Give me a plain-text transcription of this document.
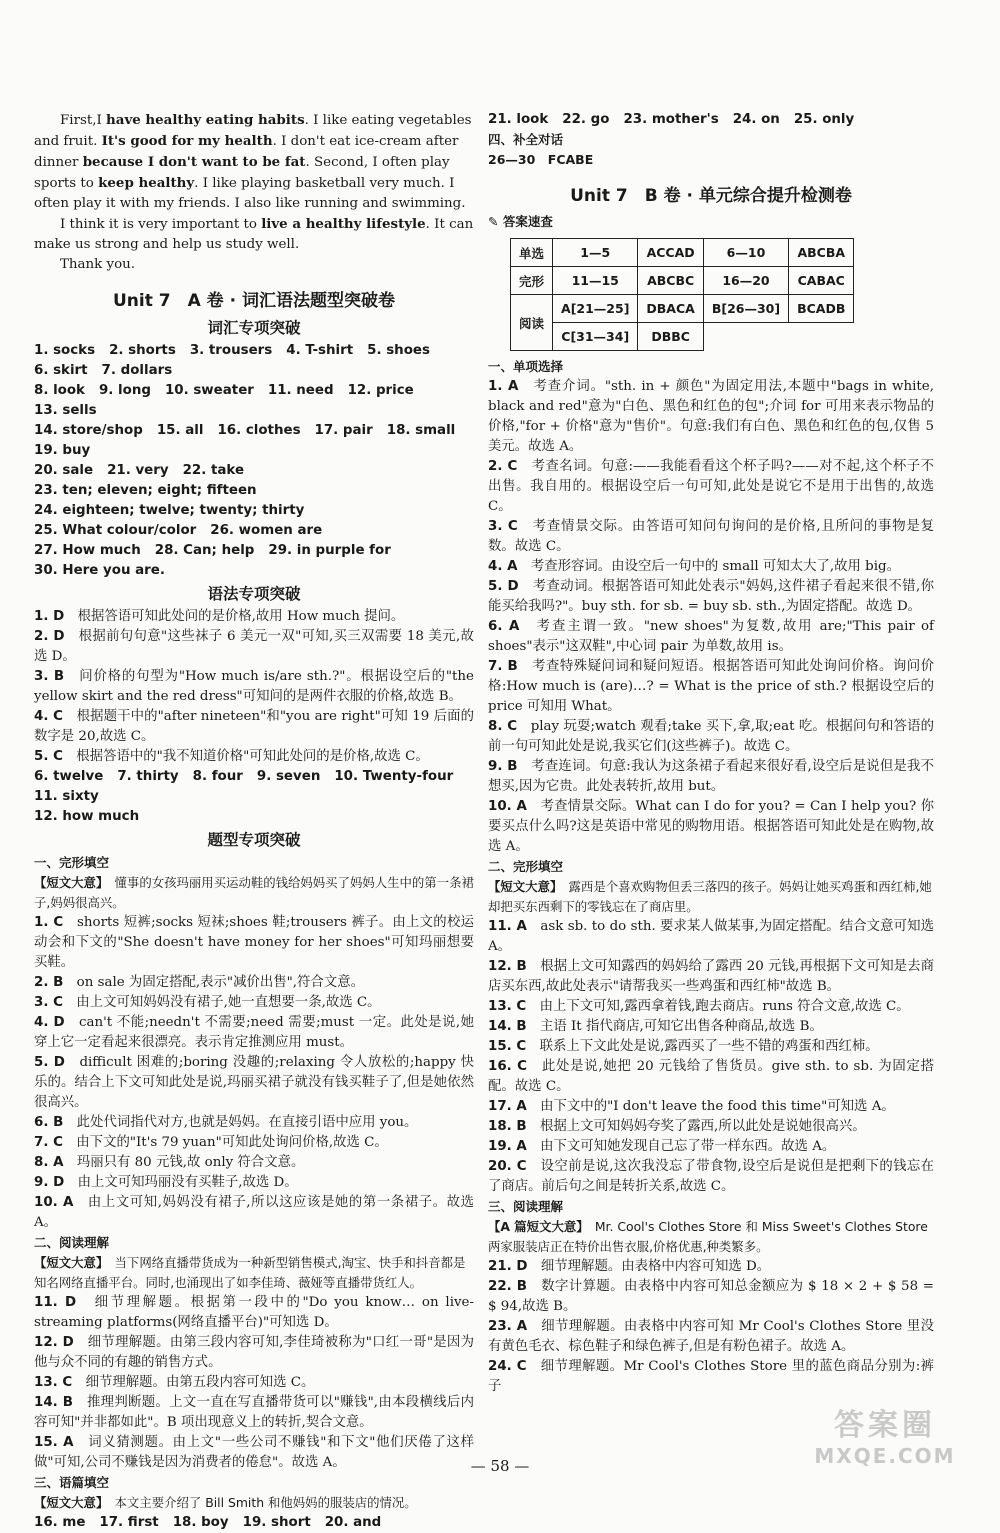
First,I have healthy eating habits. I like eating vegetables and fruit. It's good for my health. I don't eat ice-cream after dinner because I don't want to be fat. Second, I often play sports to keep healthy. I like playing basketball very much. I often play it with my friends. I also like running and swimming.

I think it is very important to live a healthy lifestyle. It can make us strong and help us study well.

Thank you.

Unit 7　A 卷 · 词汇语法题型突破卷
词汇专项突破
1. socks 2. shorts 3. trousers 4. T-shirt 5. shoes
6. skirt 7. dollars
8. look 9. long 10. sweater 11. need 12. price
13. sells
14. store/shop 15. all 16. clothes 17. pair 18. small
19. buy
20. sale 21. very 22. take
23. ten; eleven; eight; fifteen
24. eighteen; twelve; twenty; thirty
25. What colour/color 26. women are
27. How much 28. Can; help 29. in purple for
30. Here you are.
语法专项突破
1. D　根据答语可知此处问的是价格,故用 How much 提问。
2. D　根据前句句意"这些袜子 6 美元一双"可知,买三双需要 18 美元,故选 D。
3. B　问价格的句型为"How much is/are sth.?"。根据设空后的"the yellow skirt and the red dress"可知问的是两件衣服的价格,故选 B。
4. C　根据题干中的"after nineteen"和"you are right"可知 19 后面的数字是 20,故选 C。
5. C　根据答语中的"我不知道价格"可知此处问的是价格,故选 C。
6. twelve 7. thirty 8. four 9. seven 10. Twenty-four
11. sixty
12. how much
题型专项突破
一、完形填空
【短文大意】　 懂事的女孩玛丽用买运动鞋的钱给妈妈买了妈妈人生中的第一条裙子,妈妈很高兴。
1. C　shorts 短裤;socks 短袜;shoes 鞋;trousers 裤子。由上文的校运动会和下文的"She doesn't have money for her shoes"可知玛丽想要买鞋。
2. B　on sale 为固定搭配,表示"减价出售",符合文意。
3. C　由上文可知妈妈没有裙子,她一直想要一条,故选 C。
4. D　can't 不能;needn't 不需要;need 需要;must 一定。此处是说,她穿上它一定看起来很漂亮。表示肯定推测应用 must。
5. D　difficult 困难的;boring 没趣的;relaxing 令人放松的;happy 快乐的。结合上下文可知此处是说,玛丽买裙子就没有钱买鞋子了,但是她依然很高兴。
6. B　此处代词指代对方,也就是妈妈。在直接引语中应用 you。
7. C　由下文的"It's 79 yuan"可知此处询问价格,故选 C。
8. A　玛丽只有 80 元钱,故 only 符合文意。
9. D　由上文可知玛丽没有买鞋子,故选 D。
10. A　由上文可知,妈妈没有裙子,所以这应该是她的第一条裙子。故选 A。
二、阅读理解
【短文大意】　 当下网络直播带货成为一种新型销售模式,淘宝、快手和抖音都是知名网络直播平台。同时,也涌现出了如李佳琦、薇娅等直播带货红人。
11. D　细节理解题。根据第一段中的"Do you know… on live-streaming platforms(网络直播平台)"可知选 D。
12. D　细节理解题。由第三段内容可知,李佳琦被称为"口红一哥"是因为他与众不同的有趣的销售方式。
13. C　细节理解题。由第五段内容可知选 C。
14. B　推理判断题。上文一直在写直播带货可以"赚钱",由本段横线后内容可知"并非都如此"。B 项出现意义上的转折,契合文意。
15. A　词义猜测题。由上文"一些公司不赚钱"和下文"他们厌倦了这样做"可知,公司不赚钱是因为消费者的倦怠"。故选 A。
三、语篇填空
【短文大意】　 本文主要介绍了 Bill Smith 和他妈妈的服装店的情况。
16. me 17. first 18. boy 19. short 20. and
21. look 22. go 23. mother's 24. on 25. only
四、补全对话
26—30　FCABE
Unit 7　B 卷 · 单元综合提升检测卷
✎ 答案速查
单选	1—5	ACCAD	6—10	ABCBA
完形	11—15	ABCBC	16—20	CABAC
阅读	A[21—25]	DBACA	B[26—30]	BCADB
	C[31—34]	DBBC		
一、单项选择
1. A　考查介词。"sth. in + 颜色"为固定用法,本题中"bags in white, black and red"意为"白色、黑色和红色的包";介词 for 可用来表示物品的价格,"for + 价格"意为"售价"。句意:我们有白色、黑色和红色的包,仅售 5 美元。故选 A。
2. C　考查名词。句意:——我能看看这个杯子吗?——对不起,这个杯子不出售。我自用的。根据设空后一句可知,此处是说它不是用于出售的,故选 C。
3. C　考查情景交际。由答语可知问句询问的是价格,且所问的事物是复数。故选 C。
4. A　考查形容词。由设空后一句中的 small 可知太大了,故用 big。
5. D　考查动词。根据答语可知此处表示"妈妈,这件裙子看起来很不错,你能买给我吗?"。buy sth. for sb. = buy sb. sth.,为固定搭配。故选 D。
6. A　考查主谓一致。"new shoes"为复数,故用 are;"This pair of shoes"表示"这双鞋",中心词 pair 为单数,故用 is。
7. B　考查特殊疑问词和疑问短语。根据答语可知此处询问价格。询问价格:How much is (are)…? = What is the price of sth.? 根据设空后的 price 可知用 What。
8. C　play 玩耍;watch 观看;take 买下,拿,取;eat 吃。根据问句和答语的前一句可知此处是说,我买它们(这些裤子)。故选 C。
9. B　考查连词。句意:我认为这条裙子看起来很好看,设空后是说但是我不想买,因为它贵。此处表转折,故用 but。
10. A　考查情景交际。What can I do for you? = Can I help you? 你要买点什么吗?这是英语中常见的购物用语。根据答语可知此处是在购物,故选 A。
二、完形填空
【短文大意】　 露西是个喜欢购物但丢三落四的孩子。妈妈让她买鸡蛋和西红柿,她却把买东西剩下的零钱忘在了商店里。
11. A　ask sb. to do sth. 要求某人做某事,为固定搭配。结合文意可知选 A。
12. B　根据上文可知露西的妈妈给了露西 20 元钱,再根据下文可知是去商店买东西,故此处表示"请帮我买一些鸡蛋和西红柿"故选 B。
13. C　由上下文可知,露西拿着钱,跑去商店。runs 符合文意,故选 C。
14. B　主语 It 指代商店,可知它出售各种商品,故选 B。
15. C　联系上下文此处是说,露西买了一些不错的鸡蛋和西红柿。
16. C　此处是说,她把 20 元钱给了售货员。give sth. to sb. 为固定搭配。故选 C。
17. A　由下文中的"I don't leave the food this time"可知选 A。
18. B　根据上文可知妈妈夸奖了露西,所以此处是说她很高兴。
19. A　由下文可知她发现自己忘了带一样东西。故选 A。
20. C　设空前是说,这次我没忘了带食物,设空后是说但是把剩下的钱忘在了商店。前后句之间是转折关系,故选 C。
三、阅读理解
【A 篇短文大意】　 Mr. Cool's Clothes Store 和 Miss Sweet's Clothes Store 两家服装店正在特价出售衣服,价格优惠,种类繁多。
21. D　细节理解题。由表格中内容可知选 D。
22. B　数字计算题。由表格中内容可知总金额应为 $ 18 × 2 + $ 58 = $ 94,故选 B。
23. A　细节理解题。由表格中内容可知 Mr Cool's Clothes Store 里没有黄色毛衣、棕色鞋子和绿色裤子,但是有粉色裙子。故选 A。
24. C　细节理解题。Mr Cool's Clothes Store 里的蓝色商品分别为:裤子
— 58 —
答案圈
MXQE.COM
